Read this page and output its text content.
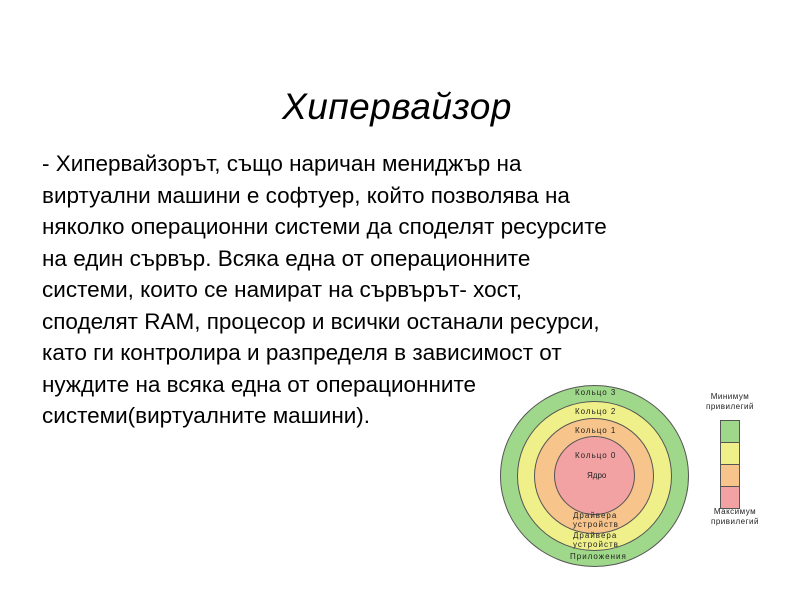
Хипервайзор
- Хипервайзорът, също наричан мениджър на
виртуални машини е софтуер, който позволява на
няколко операционни системи да споделят ресурсите
на един сървър. Всяка една от операционните
системи, които се намират на сървърът- хост,
споделят RAM, процесор и всички останали ресурси,
като ги контролира и разпределя в зависимост от
нуждите на всяка една от операционните
системи(виртуалните машини).
Кольцо 3
Кольцо 2
Кольцо 1
Кольцо 0
Ядро
Драйвера
устройств
Драйвера
устройств
Приложения
Минимум привилегий
Максимум привилегий
